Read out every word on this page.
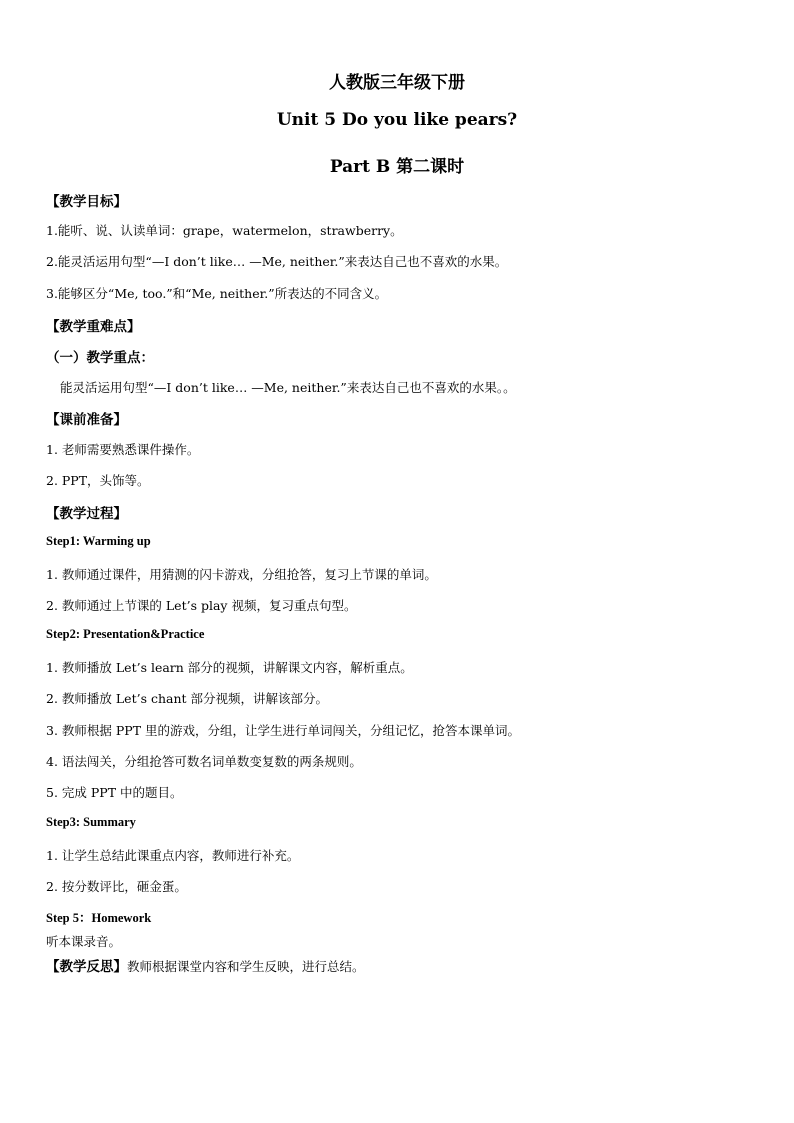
人教版三年级下册

Unit 5 Do you like pears?

Part B 第二课时

【教学目标】

1.能听、说、认读单词：grape，watermelon，strawberry。

2.能灵活运用句型“—I don’t like… —Me, neither.”来表达自己也不喜欢的水果。

3.能够区分“Me, too.”和“Me, neither.”所表达的不同含义。

【教学重难点】

（一）教学重点：

能灵活运用句型“—I don’t like… —Me, neither.”来表达自己也不喜欢的水果。。

【课前准备】

1. 老师需要熟悉课件操作。

2. PPT，头饰等。

【教学过程】

Step1: Warming up

1. 教师通过课件，用猜测的闪卡游戏，分组抢答，复习上节课的单词。

2. 教师通过上节课的 Let’s play 视频，复习重点句型。

Step2: Presentation&Practice

1. 教师播放 Let’s learn 部分的视频，讲解课文内容，解析重点。

2. 教师播放 Let’s chant 部分视频，讲解该部分。

3. 教师根据 PPT 里的游戏，分组，让学生进行单词闯关，分组记忆，抢答本课单词。

4. 语法闯关，分组抢答可数名词单数变复数的两条规则。

5. 完成 PPT 中的题目。

Step3: Summary

1. 让学生总结此课重点内容，教师进行补充。

2. 按分数评比，砸金蛋。

Step 5：Homework

听本课录音。

【教学反思】教师根据课堂内容和学生反映，进行总结。
